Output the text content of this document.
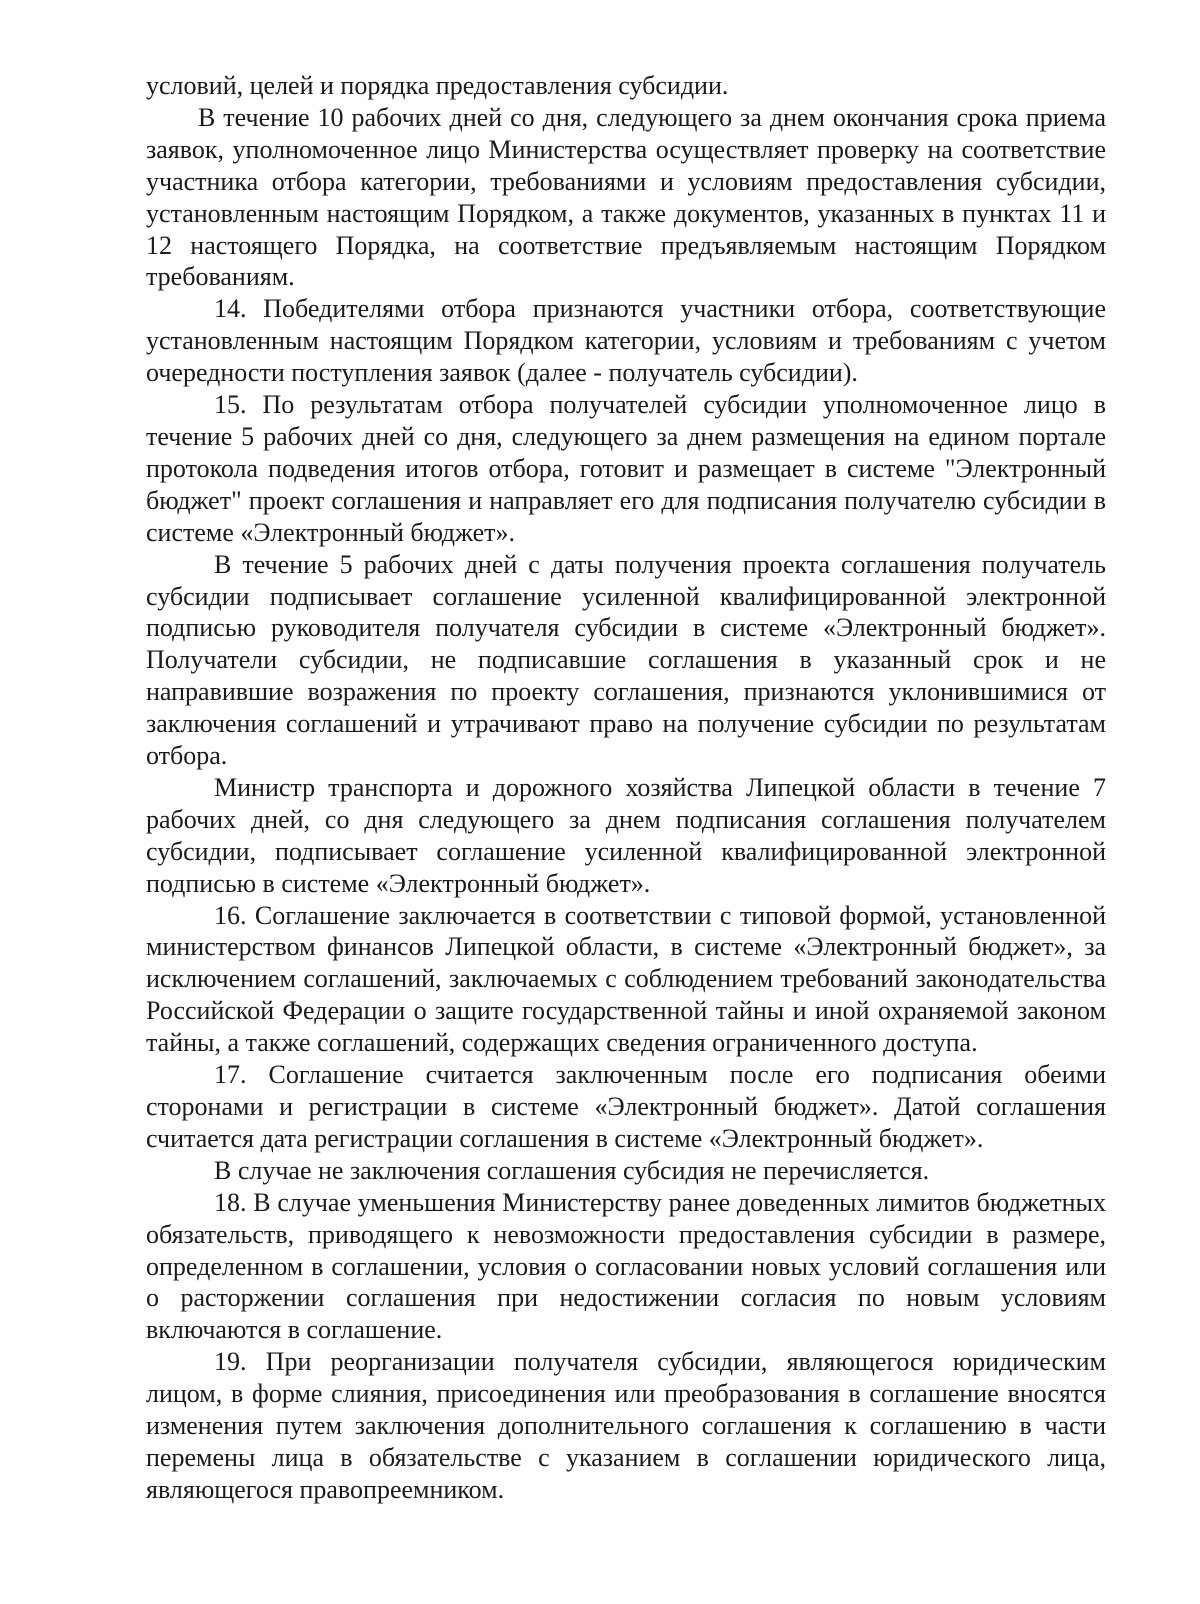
условий, целей и порядка предоставления субсидии.

В течение 10 рабочих дней со дня, следующего за днем окончания срока приема заявок, уполномоченное лицо Министерства осуществляет проверку на соответствие участника отбора категории, требованиями и условиям предоставления субсидии, установленным настоящим Порядком, а также документов, указанных в пунктах 11 и 12 настоящего Порядка, на соответствие предъявляемым настоящим Порядком требованиям.

14. Победителями отбора признаются участники отбора, соответствующие установленным настоящим Порядком категории, условиям и требованиям с учетом очередности поступления заявок (далее - получатель субсидии).

15. По результатам отбора получателей субсидии уполномоченное лицо в течение 5 рабочих дней со дня, следующего за днем размещения на едином портале протокола подведения итогов отбора, готовит и размещает в системе "Электронный бюджет" проект соглашения и направляет его для подписания получателю субсидии в системе «Электронный бюджет».

В течение 5 рабочих дней с даты получения проекта соглашения получатель субсидии подписывает соглашение усиленной квалифицированной электронной подписью руководителя получателя субсидии в системе «Электронный бюджет». Получатели субсидии, не подписавшие соглашения в указанный срок и не направившие возражения по проекту соглашения, признаются уклонившимися от заключения соглашений и утрачивают право на получение субсидии по результатам отбора.

Министр транспорта и дорожного хозяйства Липецкой области в течение 7 рабочих дней, со дня следующего за днем подписания соглашения получателем субсидии, подписывает соглашение усиленной квалифицированной электронной подписью в системе «Электронный бюджет».

16. Соглашение заключается в соответствии с типовой формой, установленной министерством финансов Липецкой области, в системе «Электронный бюджет», за исключением соглашений, заключаемых с соблюдением требований законодательства Российской Федерации о защите государственной тайны и иной охраняемой законом тайны, а также соглашений, содержащих сведения ограниченного доступа.

17. Соглашение считается заключенным после его подписания обеими сторонами и регистрации в системе «Электронный бюджет». Датой соглашения считается дата регистрации соглашения в системе «Электронный бюджет».

В случае не заключения соглашения субсидия не перечисляется.

18. В случае уменьшения Министерству ранее доведенных лимитов бюджетных обязательств, приводящего к невозможности предоставления субсидии в размере, определенном в соглашении, условия о согласовании новых условий соглашения или о расторжении соглашения при недостижении согласия по новым условиям включаются в соглашение.

19. При реорганизации получателя субсидии, являющегося юридическим лицом, в форме слияния, присоединения или преобразования в соглашение вносятся изменения путем заключения дополнительного соглашения к соглашению в части перемены лица в обязательстве с указанием в соглашении юридического лица, являющегося правопреемником.
